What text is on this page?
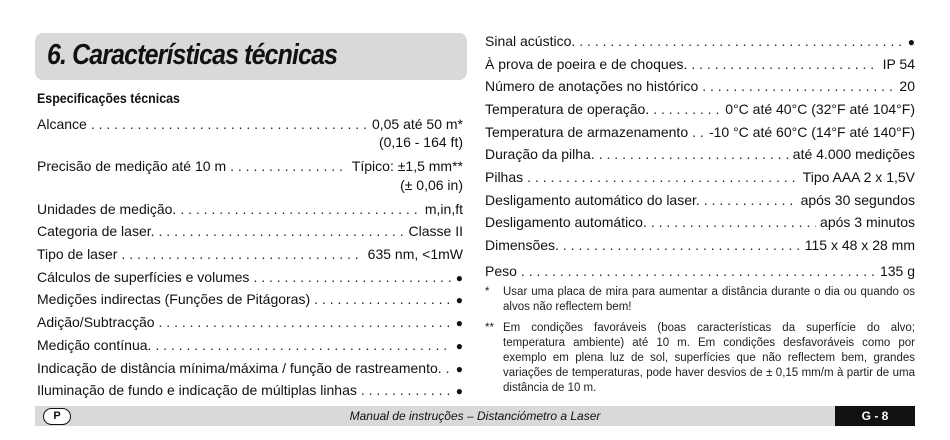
6. Características técnicas
Especificações técnicas
Alcance . . .	0,05 até 50 m*
(0,16 - 164 ft)
Precisão de medição até 10 m . . .	Típico: ±1,5 mm**
(± 0,06 in)
Unidades de medição. . . .	m,in,ft
Categoria de laser. . . .	Classe II
Tipo de laser . . .	635 nm, <1mW
Cálculos de superfícies e volumes . . .	●
Medições indirectas (Funções de Pitágoras) . . .	●
Adição/Subtracção . . .	●
Medição contínua. . . .	●
Indicação de distância mínima/máxima / função de rastreamento. . . . ●
Iluminação de fundo e indicação de múltiplas linhas . . .	●
Sinal acústico. . . .	●
À prova de poeira e de choques. . . .	IP 54
Número de anotações no histórico . . .	20
Temperatura de operação. . . .	0°C até 40°C (32°F até 104°F)
Temperatura de armazenamento . . . -10 °C até 60°C (14°F até 140°F)
Duração da pilha. . . .	até 4.000 medições
Pilhas . . .	Tipo AAA 2 x 1,5V
Desligamento automático do laser. . . .	após 30 segundos
Desligamento automático. . . .	após 3 minutos
Dimensões. . . .	115 x 48 x 28 mm
Peso . . .	135 g
* Usar uma placa de mira para aumentar a distância durante o dia ou quando os alvos não reflectem bem!
** Em condições favoráveis (boas características da superfície do alvo; temperatura ambiente) até 10 m. Em condições desfavoráveis como por exemplo em plena luz de sol, superfícies que não reflectem bem, grandes variações de temperaturas, pode haver desvios de ± 0,15 mm/m à partir de uma distância de 10 m.
P	Manual de instruções – Distanciómetro a Laser	G - 8
